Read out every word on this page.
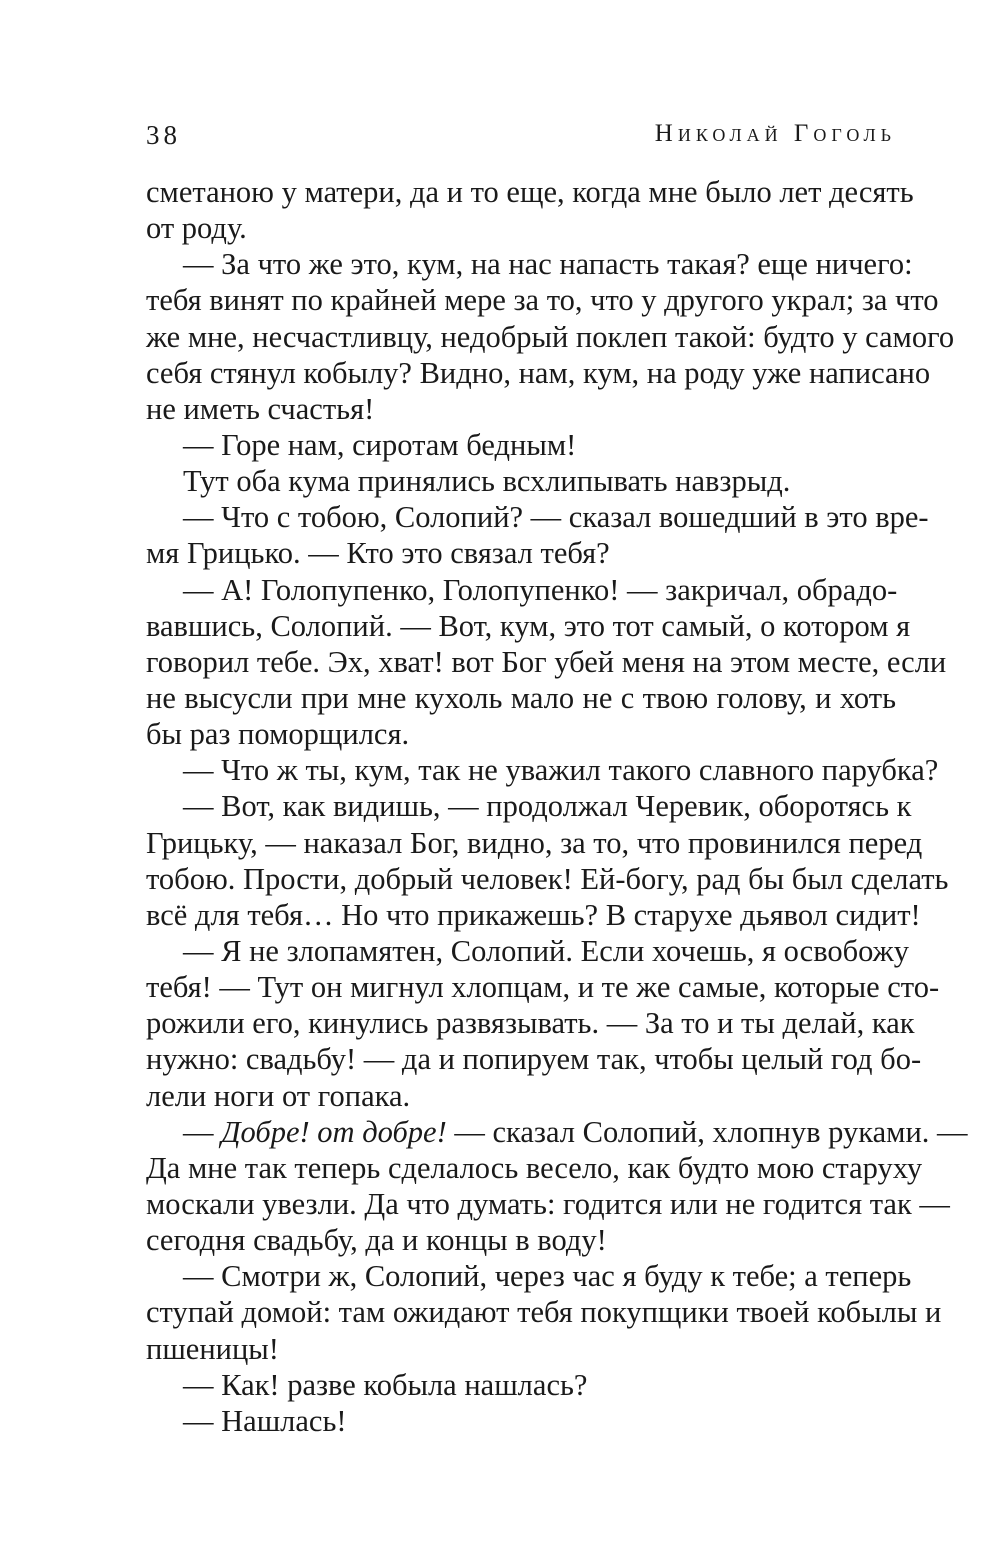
38	Николай Гоголь
сметаною у матери, да и то еще, когда мне было лет десять
от роду.
— За что же это, кум, на нас напасть такая? еще ничего:
тебя винят по крайней мере за то, что у другого украл; за что
же мне, несчастливцу, недобрый поклеп такой: будто у самого
себя стянул кобылу? Видно, нам, кум, на роду уже написано
не иметь счастья!
— Горе нам, сиротам бедным!
Тут оба кума принялись всхлипывать навзрыд.
— Что с тобою, Солопий? — сказал вошедший в это вре-
мя Грицько. — Кто это связал тебя?
— А! Голопупенко, Голопупенко! — закричал, обрадо-
вавшись, Солопий. — Вот, кум, это тот самый, о котором я
говорил тебе. Эх, хват! вот Бог убей меня на этом месте, если
не высусли при мне кухоль мало не с твою голову, и хоть
бы раз поморщился.
— Что ж ты, кум, так не уважил такого славного парубка?
— Вот, как видишь, — продолжал Черевик, оборотясь к
Грицьку, — наказал Бог, видно, за то, что провинился перед
тобою. Прости, добрый человек! Ей-богу, рад бы был сделать
всё для тебя… Но что прикажешь? В старухе дьявол сидит!
— Я не злопамятен, Солопий. Если хочешь, я освобожу
тебя! — Тут он мигнул хлопцам, и те же самые, которые сто-
рожили его, кинулись развязывать. — За то и ты делай, как
нужно: свадьбу! — да и попируем так, чтобы целый год бо-
лели ноги от гопака.
— Добре! от добре! — сказал Солопий, хлопнув руками. —
Да мне так теперь сделалось весело, как будто мою старуху
москали увезли. Да что думать: годится или не годится так —
сегодня свадьбу, да и концы в воду!
— Смотри ж, Солопий, через час я буду к тебе; а теперь
ступай домой: там ожидают тебя покупщики твоей кобылы и
пшеницы!
— Как! разве кобыла нашлась?
— Нашлась!
